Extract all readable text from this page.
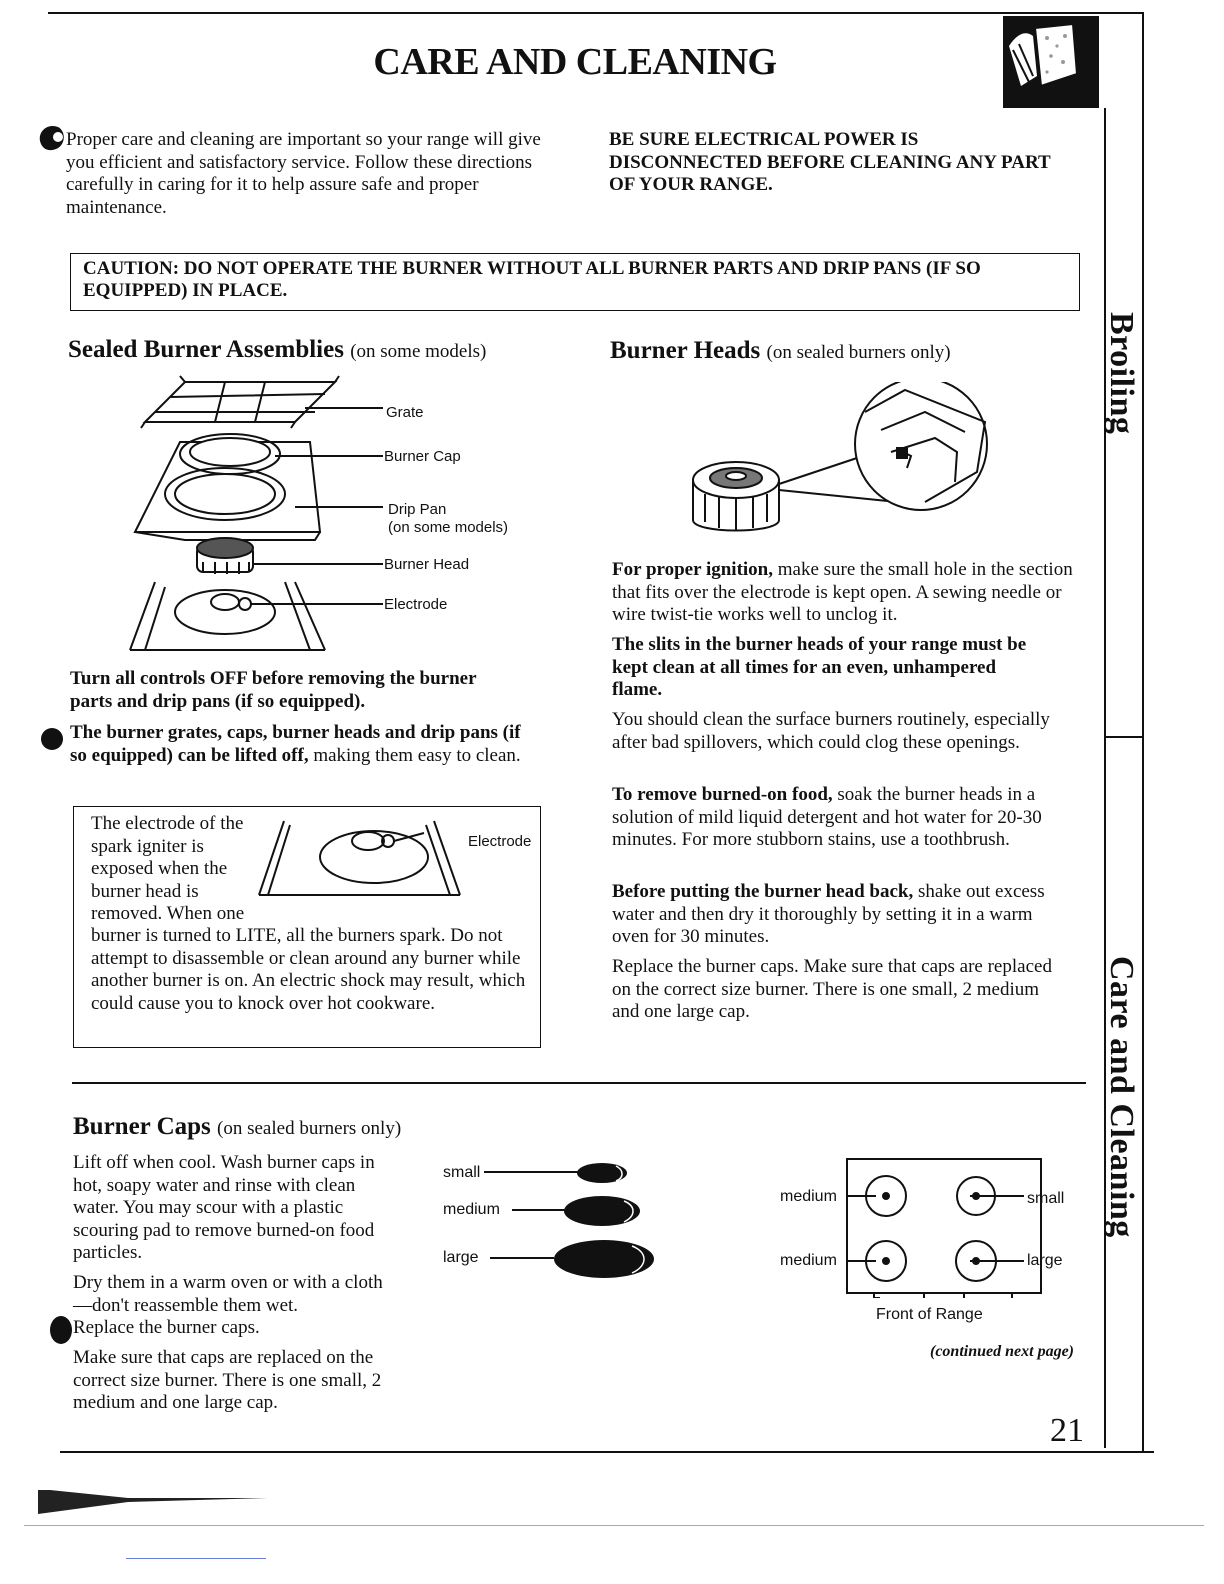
CARE AND CLEANING
Proper care and cleaning are important so your range will give you efficient and satisfactory service. Follow these directions carefully in caring for it to help assure safe and proper maintenance.
BE SURE ELECTRICAL POWER IS DISCONNECTED BEFORE CLEANING ANY PART OF YOUR RANGE.
CAUTION: DO NOT OPERATE THE BURNER WITHOUT ALL BURNER PARTS AND DRIP PANS (IF SO EQUIPPED) IN PLACE.
Sealed Burner Assemblies (on some models)
Grate
Burner Cap
Drip Pan
(on some models)
Burner Head
Electrode
Turn all controls OFF before removing the burner parts and drip pans (if so equipped).
The burner grates, caps, burner heads and drip pans (if so equipped) can be lifted off, making them easy to clean.
The electrode of the spark igniter is exposed when the burner head is removed. When one
burner is turned to LITE, all the burners spark. Do not attempt to disassemble or clean around any burner while another burner is on. An electric shock may result, which could cause you to knock over hot cookware.
Electrode
Burner Heads (on sealed burners only)
For proper ignition, make sure the small hole in the section that fits over the electrode is kept open. A sewing needle or wire twist-tie works well to unclog it.
The slits in the burner heads of your range must be kept clean at all times for an even, unhampered flame.
You should clean the surface burners routinely, especially after bad spillovers, which could clog these openings.
To remove burned-on food, soak the burner heads in a solution of mild liquid detergent and hot water for 20-30 minutes. For more stubborn stains, use a toothbrush.
Before putting the burner head back, shake out excess water and then dry it thoroughly by setting it in a warm oven for 30 minutes.
Replace the burner caps. Make sure that caps are replaced on the correct size burner. There is one small, 2 medium and one large cap.
Burner Caps (on sealed burners only)
Lift off when cool. Wash burner caps in hot, soapy water and rinse with clean water. You may scour with a plastic scouring pad to remove burned-on food particles.
Dry them in a warm oven or with a cloth—don't reassemble them wet.
Replace the burner caps.
Make sure that caps are replaced on the correct size burner. There is one small, 2 medium and one large cap.
small
medium
large
medium	small
medium	large
Front of Range
(continued next page)
21
Broiling
Care and Cleaning
